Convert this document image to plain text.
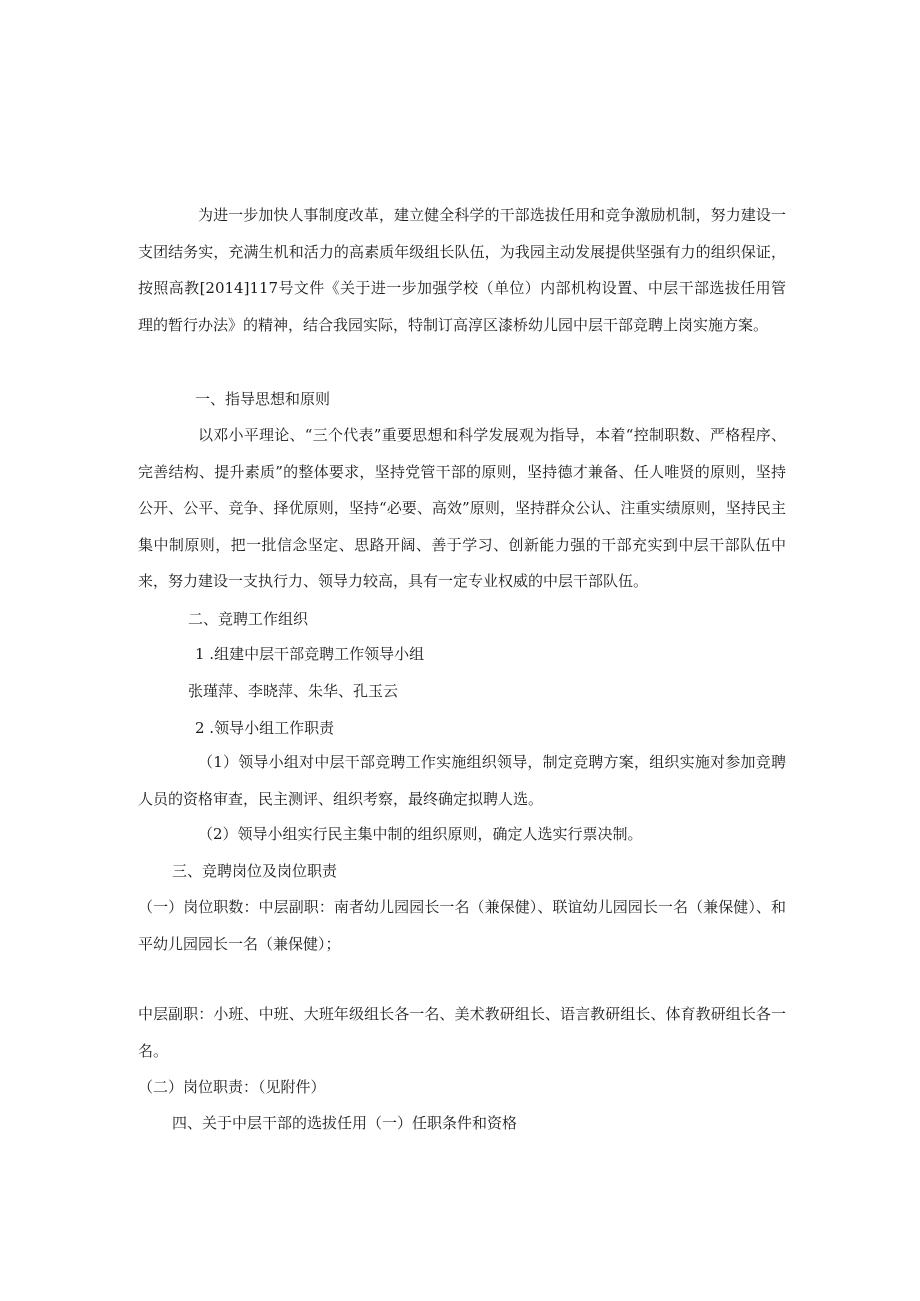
为进一步加快人事制度改革，建立健全科学的干部选拔任用和竞争激励机制，努力建设一支团结务实，充满生机和活力的高素质年级组长队伍，为我园主动发展提供坚强有力的组织保证，按照高教[2014]117号文件《关于进一步加强学校（单位）内部机构设置、中层干部选拔任用管理的暂行办法》的精神，结合我园实际，特制订高淳区漆桥幼儿园中层干部竞聘上岗实施方案。

一、指导思想和原则

以邓小平理论、“三个代表”重要思想和科学发展观为指导，本着“控制职数、严格程序、完善结构、提升素质”的整体要求，坚持党管干部的原则，坚持德才兼备、任人唯贤的原则，坚持公开、公平、竞争、择优原则，坚持“必要、高效”原则，坚持群众公认、注重实绩原则，坚持民主集中制原则，把一批信念坚定、思路开阔、善于学习、创新能力强的干部充实到中层干部队伍中来，努力建设一支执行力、领导力较高，具有一定专业权威的中层干部队伍。

二、竞聘工作组织

1 .组建中层干部竞聘工作领导小组

张瑾萍、李晓萍、朱华、孔玉云

2 .领导小组工作职责

（1）领导小组对中层干部竞聘工作实施组织领导，制定竞聘方案，组织实施对参加竞聘人员的资格审查，民主测评、组织考察，最终确定拟聘人选。

（2）领导小组实行民主集中制的组织原则，确定人选实行票决制。

三、竞聘岗位及岗位职责

（一）岗位职数：中层副职：南者幼儿园园长一名（兼保健）、联谊幼儿园园长一名（兼保健）、和平幼儿园园长一名（兼保健）；

中层副职：小班、中班、大班年级组长各一名、美术教研组长、语言教研组长、体育教研组长各一名。

（二）岗位职责：（见附件）

四、关于中层干部的选拔任用（一）任职条件和资格
